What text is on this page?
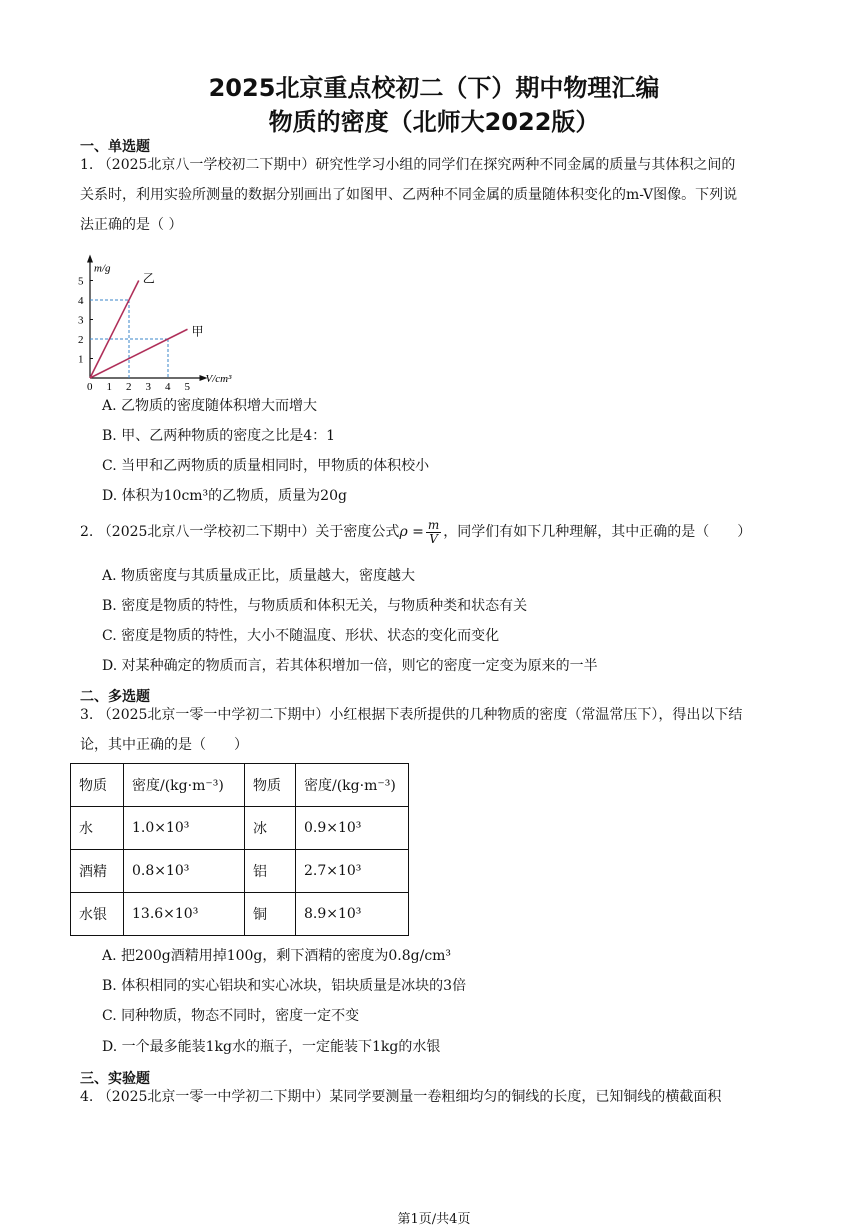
2025北京重点校初二（下）期中物理汇编
物质的密度（北师大2022版）
一、单选题
1. （2025北京八一学校初二下期中）研究性学习小组的同学们在探究两种不同金属的质量与其体积之间的
关系时，利用实验所测量的数据分别画出了如图甲、乙两种不同金属的质量随体积变化的m-V图像。下列说
法正确的是（ ）
0 1 2 3 4 5
1
2
3
4
5
m/g
V/cm³
乙
甲
A. 乙物质的密度随体积增大而增大
B. 甲、乙两种物质的密度之比是4：1
C. 当甲和乙两物质的质量相同时，甲物质的体积校小
D. 体积为10cm³的乙物质，质量为20g
2. （2025北京八一学校初二下期中）关于密度公式$\rho = \frac{m}{V}$ ，同学们有如下几种理解，其中正确的是（　　）
A. 物质密度与其质量成正比，质量越大，密度越大
B. 密度是物质的特性，与物质质和体积无关，与物质种类和状态有关
C. 密度是物质的特性，大小不随温度、形状、状态的变化而变化
D. 对某种确定的物质而言，若其体积增加一倍，则它的密度一定变为原来的一半
二、多选题
3. （2025北京一零一中学初二下期中）小红根据下表所提供的几种物质的密度（常温常压下），得出以下结
论，其中正确的是（　　）
物质	密度/(kg·m⁻³)	物质	密度/(kg·m⁻³)
水	1.0×10³	冰	0.9×10³
酒精	0.8×10³	铝	2.7×10³
水银	13.6×10³	铜	8.9×10³
A. 把200g酒精用掉100g，剩下酒精的密度为0.8g/cm³
B. 体积相同的实心铝块和实心冰块，铝块质量是冰块的3倍
C. 同种物质，物态不同时，密度一定不变
D. 一个最多能装1kg水的瓶子，一定能装下1kg的水银
三、实验题
4. （2025北京一零一中学初二下期中）某同学要测量一卷粗细均匀的铜线的长度，已知铜线的横截面积
第1页/共4页
